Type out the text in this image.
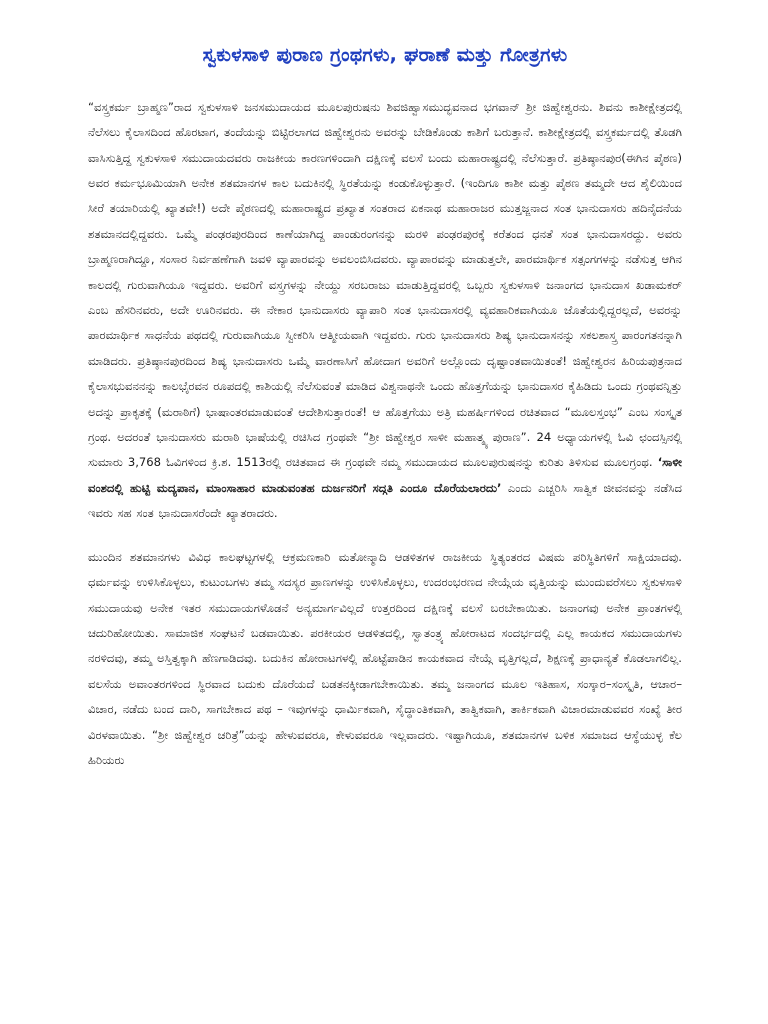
ಸ್ವಕುಳಸಾಳಿ ಪುರಾಣ ಗ್ರಂಥಗಳು, ಘರಾಣೆ ಮತ್ತು ಗೋತ್ರಗಳು

“ವಸ್ತ್ರಕರ್ಮ ಬ್ರಾಹ್ಮಣ”ರಾದ ಸ್ವಕುಳಸಾಳಿ ಜನಸಮುದಾಯದ ಮೂಲಪುರುಷನು ಶಿವಜಿಹ್ವಾಸಮುದ್ಭವನಾದ ಭಗವಾನ್ ಶ್ರೀ ಜಿಹ್ವೇಶ್ವರನು. ಶಿವನು ಕಾಶೀಕ್ಷೇತ್ರದಲ್ಲಿ ನೆಲೆಸಲು ಕೈಲಾಸದಿಂದ ಹೊರಟಾಗ, ತಂದೆಯನ್ನು ಬಿಟ್ಟಿರಲಾಗದ ಜಿಹ್ವೇಶ್ವರನು ಅವರನ್ನು ಬೇಡಿಕೊಂಡು ಕಾಶಿಗೆ ಬರುತ್ತಾನೆ. ಕಾಶೀಕ್ಷೇತ್ರದಲ್ಲಿ ವಸ್ತ್ರಕರ್ಮದಲ್ಲಿ ತೊಡಗಿ ವಾಸಿಸುತ್ತಿದ್ದ ಸ್ವಕುಳಸಾಳಿ ಸಮುದಾಯದವರು ರಾಜಕೀಯ ಕಾರಣಗಳಿಂದಾಗಿ ದಕ್ಷಿಣಕ್ಕೆ ವಲಸೆ ಬಂದು ಮಹಾರಾಷ್ಟ್ರದಲ್ಲಿ ನೆಲೆಸುತ್ತಾರೆ. ಪ್ರತಿಷ್ಠಾನಪುರ(ಈಗಿನ ಪೈಠಣ) ಅವರ ಕರ್ಮಭೂಮಿಯಾಗಿ ಅನೇಕ ಶತಮಾನಗಳ ಕಾಲ ಬದುಕಿನಲ್ಲಿ ಸ್ಥಿರತೆಯನ್ನು ಕಂಡುಕೊಳ್ಳುತ್ತಾರೆ. (ಇಂದಿಗೂ ಕಾಶೀ ಮತ್ತು ಪೈಠಣ ತಮ್ಮದೇ ಆದ ಶೈಲಿಯಿಂದ ಸೀರೆ ತಯಾರಿಯಲ್ಲಿ ಖ್ಯಾತವೇ!) ಅದೇ ಪೈಠಣದಲ್ಲಿ ಮಹಾರಾಷ್ಟ್ರದ ಪ್ರಖ್ಯಾತ ಸಂತರಾದ ಏಕನಾಥ ಮಹಾರಾಜರ ಮುತ್ತಜ್ಜನಾದ ಸಂತ ಭಾನುದಾಸರು ಹದಿನೈದನೆಯ ಶತಮಾನದಲ್ಲಿದ್ದವರು. ಒಮ್ಮೆ ಪಂಢರಪುರದಿಂದ ಕಾಣೆಯಾಗಿದ್ದ ಪಾಂಡುರಂಗನನ್ನು ಮರಳಿ ಪಂಢರಪುರಕ್ಕೆ ಕರೆತಂದ ಧನತೆ ಸಂತ ಭಾನುದಾಸರದ್ದು. ಅವರು ಬ್ರಾಹ್ಮಣರಾಗಿದ್ದೂ, ಸಂಸಾರ ನಿರ್ವಹಣೆಗಾಗಿ ಜವಳಿ ವ್ಯಾಪಾರವನ್ನು ಅವಲಂಬಿಸಿದವರು. ವ್ಯಾಪಾರವನ್ನು ಮಾಡುತ್ತಲೇ, ಪಾರಮಾರ್ಥಿಕ ಸತ್ಸಂಗಗಳನ್ನು ನಡೆಸುತ್ತ ಆಗಿನ ಕಾಲದಲ್ಲಿ ಗುರುವಾಗಿಯೂ ಇದ್ದವರು. ಅವರಿಗೆ ವಸ್ತ್ರಗಳನ್ನು ನೇಯ್ದು ಸರಬರಾಜು ಮಾಡುತ್ತಿದ್ದವರಲ್ಲಿ ಒಬ್ಬರು ಸ್ವಕುಳಸಾಳಿ ಜನಾಂಗದ ಭಾನುದಾಸ ಖಡಾಮಕರ್ ಎಂಬ ಹೆಸರಿನವರು, ಅದೇ ಊರಿನವರು. ಈ ನೇಕಾರ ಭಾನುದಾಸರು ವ್ಯಾಪಾರಿ ಸಂತ ಭಾನುದಾಸರಲ್ಲಿ ವ್ಯವಹಾರಿಕವಾಗಿಯೂ ಜೊತೆಯಲ್ಲಿದ್ದರಲ್ಲದೆ, ಅವರನ್ನು ಪಾರಮಾರ್ಥಿಕ ಸಾಧನೆಯ ಪಥದಲ್ಲಿ ಗುರುವಾಗಿಯೂ ಸ್ವೀಕರಿಸಿ ಆತ್ಮೀಯವಾಗಿ ಇದ್ದವರು. ಗುರು ಭಾನುದಾಸರು ಶಿಷ್ಯ ಭಾನುದಾಸನನ್ನು ಸಕಲಶಾಸ್ತ್ರ ಪಾರಂಗತನನ್ನಾಗಿ ಮಾಡಿದರು. ಪ್ರತಿಷ್ಠಾನಪುರದಿಂದ ಶಿಷ್ಯ ಭಾನುದಾಸರು ಒಮ್ಮೆ ವಾರಣಾಸಿಗೆ ಹೋದಾಗ ಅವರಿಗೆ ಅಲ್ಲೊಂದು ದೃಷ್ಟಾಂತವಾಯಿತಂತೆ! ಜಿಹ್ವೇಶ್ವರನ ಹಿರಿಯಪುತ್ರನಾದ ಕೈಲಾಸಭುವನನನ್ನು ಕಾಲಭೈರವನ ರೂಪದಲ್ಲಿ ಕಾಶಿಯಲ್ಲಿ ನೆಲೆಸುವಂತೆ ಮಾಡಿದ ವಿಶ್ವನಾಥನೇ ಒಂದು ಹೊತ್ತಗೆಯನ್ನು ಭಾನುದಾಸರ ಕೈಹಿಡಿದು ಒಂದು ಗ್ರಂಥವನ್ನಿತ್ತು ಅದನ್ನು ಪ್ರಾಕೃತಕ್ಕೆ (ಮರಾಠಿಗೆ) ಭಾಷಾಂತರಮಾಡುವಂತೆ ಆದೇಶಿಸುತ್ತಾರಂತೆ! ಆ ಹೊತ್ತಗೆಯು ಅತ್ರಿ ಮಹರ್ಷಿಗಳಿಂದ ರಚಿತವಾದ “ಮೂಲಸ್ತಂಭ” ಎಂಬ ಸಂಸ್ಕೃತ ಗ್ರಂಥ. ಅದರಂತೆ ಭಾನುದಾಸರು ಮರಾಠಿ ಭಾಷೆಯಲ್ಲಿ ರಚಿಸಿದ ಗ್ರಂಥವೇ “ಶ್ರೀ ಜಿಹ್ವೇಶ್ವರ ಸಾಳೀ ಮಹಾತ್ಮ್ಯ ಪುರಾಣ”. 24 ಅಧ್ಯಾಯಗಳಲ್ಲಿ ಓವಿ ಛಂದಸ್ಸಿನಲ್ಲಿ ಸುಮಾರು 3,768 ಓವಿಗಳಿಂದ ಕ್ರಿ.ಶ. 1513ರಲ್ಲಿ ರಚಿತವಾದ ಈ ಗ್ರಂಥವೇ ನಮ್ಮ ಸಮುದಾಯದ ಮೂಲಪುರುಷನನ್ನು ಕುರಿತು ತಿಳಿಸುವ ಮೂಲಗ್ರಂಥ. ‘ಸಾಳೀ ವಂಶದಲ್ಲಿ ಹುಟ್ಟಿ ಮದ್ಯಪಾನ, ಮಾಂಸಾಹಾರ ಮಾಡುವಂತಹ ದುರ್ಜನರಿಗೆ ಸದ್ಗತಿ ಎಂದೂ ದೊರೆಯಲಾರದು’ ಎಂದು ಎಚ್ಚರಿಸಿ ಸಾತ್ವಿಕ ಜೀವನವನ್ನು ನಡೆಸಿದ ಇವರು ಸಹ ಸಂತ ಭಾನುದಾಸರೆಂದೇ ಖ್ಯಾತರಾದರು.

ಮುಂದಿನ ಶತಮಾನಗಳು ವಿವಿಧ ಕಾಲಘಟ್ಟಗಳಲ್ಲಿ ಆಕ್ರಮಣಕಾರಿ ಮತೋನ್ಮಾದಿ ಆಡಳಿತಗಳ ರಾಜಕೀಯ ಸ್ಥಿತ್ಯಂತರದ ವಿಷಮ ಪರಿಸ್ಥಿತಿಗಳಿಗೆ ಸಾಕ್ಷಿಯಾದವು. ಧರ್ಮವನ್ನು ಉಳಿಸಿಕೊಳ್ಳಲು, ಕುಟುಂಬಗಳು ತಮ್ಮ ಸದಸ್ಯರ ಪ್ರಾಣಗಳನ್ನು ಉಳಿಸಿಕೊಳ್ಳಲು, ಉದರಂಭರಣದ ನೇಯ್ಗೆಯ ವೃತ್ತಿಯನ್ನು ಮುಂದುವರೆಸಲು ಸ್ವಕುಳಸಾಳಿ ಸಮುದಾಯವು ಅನೇಕ ಇತರ ಸಮುದಾಯಗಳೊಡನೆ ಅನ್ಯಮಾರ್ಗವಿಲ್ಲದೆ ಉತ್ತರದಿಂದ ದಕ್ಷಿಣಕ್ಕೆ ವಲಸೆ ಬರಬೇಕಾಯಿತು. ಜನಾಂಗವು ಅನೇಕ ಪ್ರಾಂತಗಳಲ್ಲಿ ಚದುರಿಹೋಯಿತು. ಸಾಮಾಜಿಕ ಸಂಘಟನೆ ಬಡವಾಯಿತು. ಪರಕೀಯರ ಆಡಳಿತದಲ್ಲಿ, ಸ್ವಾತಂತ್ರ್ಯ ಹೋರಾಟದ ಸಂದರ್ಭದಲ್ಲಿ ಎಲ್ಲ ಕಾಯಕದ ಸಮುದಾಯಗಳು ನರಳಿದವು, ತಮ್ಮ ಅಸ್ತಿತ್ವಕ್ಕಾಗಿ ಹೆಣಗಾಡಿದವು. ಬದುಕಿನ ಹೋರಾಟಗಳಲ್ಲಿ ಹೊಟ್ಟೆಪಾಡಿನ ಕಾಯಕವಾದ ನೇಯ್ಗೆ ವೃತ್ತಿಗಲ್ಲದೆ, ಶಿಕ್ಷಣಕ್ಕೆ ಪ್ರಾಧಾನ್ಯತೆ ಕೊಡಲಾಗಲಿಲ್ಲ. ವಲಸೆಯ ಅವಾಂತರಗಳಿಂದ ಸ್ಥಿರವಾದ ಬದುಕು ದೊರೆಯದೆ ಬಡತನಕ್ಕೀಡಾಗಬೇಕಾಯಿತು. ತಮ್ಮ ಜನಾಂಗದ ಮೂಲ ಇತಿಹಾಸ, ಸಂಸ್ಕಾರ–ಸಂಸ್ಕೃತಿ, ಆಚಾರ–ವಿಚಾರ, ನಡೆದು ಬಂದ ದಾರಿ, ಸಾಗಬೇಕಾದ ಪಥ – ಇವುಗಳನ್ನು ಧಾರ್ಮಿಕವಾಗಿ, ಸೈದ್ಧಾಂತಿಕವಾಗಿ, ತಾತ್ವಿಕವಾಗಿ, ತಾರ್ಕಿಕವಾಗಿ ವಿಚಾರಮಾಡುವವರ ಸಂಖ್ಯೆ ತೀರ ವಿರಳವಾಯಿತು. “ಶ್ರೀ ಜಿಹ್ವೇಶ್ವರ ಚರಿತ್ರೆ”ಯನ್ನು ಹೇಳುವವರೂ, ಕೇಳುವವರೂ ಇಲ್ಲವಾದರು. ಇಷ್ಟಾಗಿಯೂ, ಶತಮಾನಗಳ ಬಳಿಕ ಸಮಾಜದ ಆಸ್ಥೆಯುಳ್ಳ ಕೆಲ ಹಿರಿಯರು
